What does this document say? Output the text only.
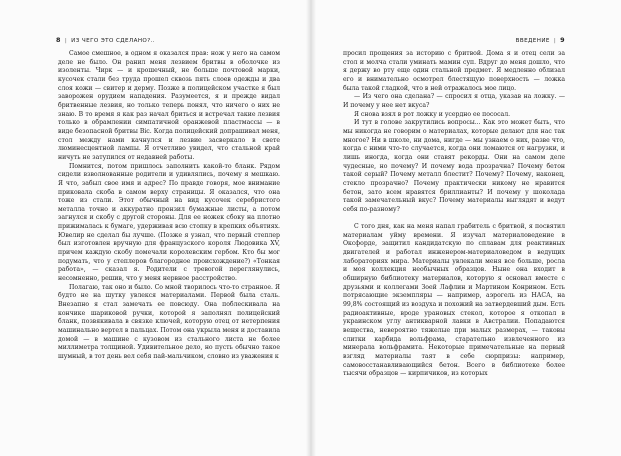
8 | ИЗ ЧЕГО ЭТО СДЕЛАНО?..

Самое смешное, в одном я оказался прав: нож у него на самом деле не было. Он ранил меня лезвием бритвы в оболочке из изоленты. Чирк — и крошечный, не больше почтовой марки, кусочек стали без труда прошел сквозь пять слоев одежды и два слоя кожи — свитер и дерму. Позже в полицейском участке я был заворожен орудием нападения. Разумеется, я и прежде видал бритвенные лезвия, но только теперь понял, что ничего о них не знаю. В то время я как раз начал бриться и встречал такие лезвия только в обрамлении симпатичной оранжевой пластмассы — в виде безопасной бритвы Bic. Когда полицейский допрашивал меня, стол между нами качнулся и лезвие засверкало в свете люминесцентной лампы. Я отчетливо увидел, что стальной край ничуть не затупился от недавней работы.

Помнится, потом пришлось заполнить какой-то бланк. Рядом сидели взволнованные родители и удивлялись, почему я мешкаю. Я что, забыл свое имя и адрес? По правде говоря, мое внимание приковала скоба в самом верху страницы. Я оказался, что она тоже из стали. Этот обычный на вид кусочек серебристого металла точно и аккуратно пронзил бумажные листы, а потом загнулся и скобу с другой стороны. Для ее ножек сбоку на плотно прижималась к бумаге, удерживая всю стопку в крепких объятиях. Ювелир не сделал бы лучше. (Позже я узнал, что первый степлер был изготовлен вручную для французского короля Людовика XV, причем каждую скобу помечали королевским гербом. Кто бы мог подумать, что у степлеров благородное происхождение?) «Тонкая работа», — сказал я. Родители с тревогой переглянулись, несомненно, решив, что у меня нервное расстройство.

Полагаю, так оно и было. Со мной творилось что-то странное. Я будто не на шутку увлекся материалами. Первой была сталь. Внезапно я стал замечать ее повсюду. Она поблескивала на кончике шариковой ручки, которой я заполнял полицейский бланк, позвякивала в связке ключей, которую отец от нетерпения машинально вертел в пальцах. Потом она укрыла меня и доставила домой — в машине с кузовом из стального листа не более миллиметра толщиной. Удивительное дело, но пусть обычно такое шумный, в тот день вел себя пай-мальчиком, словно из уважения к

ВВЕДЕНИЕ | 9

просил прощения за историю с бритвой. Дома я и отец сели за стол и молча стали уминать мамин суп. Вдруг до меня дошло, что я держу во рту еще один стальной предмет. Я медленно облизал его и внимательно осмотрел блестящую поверхность — ложка была такой гладкой, что в ней отражалось мое лицо.

— Из чего она сделана? — спросил я отца, указав на ложку. — И почему у нее нет вкуса?

Я снова взял в рот ложку и усердно ее пососал.

И тут в голове закрутились вопросы... Как это может быть, что мы никогда не говорим о материалах, которые делают для нас так многое? Ни в школе, ни дома, нигде — мы узнаем о них, разве что, когда с ними что-то случается, когда они ломаются от нагрузки, и лишь иногда, когда они ставят рекорды. Они на самом деле чудесные, но почему? И почему вода прозрачна? Почему бетон такой серый? Почему металл блестит? Почему? Почему, наконец, стекло прозрачно? Почему практически никому не нравится бетон, зато всем нравятся бриллианты? И почему у шоколада такой замечательный вкус? Почему материалы выглядят и ведут себя по-разному?

С того дня, как на меня напал грабитель с бритвой, я посвятил материалам уйму времени. Я изучал материаловедение в Оксфорде, защитил кандидатскую по сплавам для реактивных двигателей и работал инженером-материаловедом в ведущих лабораториях мира. Материалы увлекали меня все больше, росла и моя коллекция необычных образцов. Ныне она входит в обширную библиотеку материалов, которую я основал вместе с друзьями и коллегами Зоей Лафлин и Мартином Конрином. Есть потрясающие экземпляры — например, аэрогель из НАСА, на 99,8% состоящий из воздуха и похожий на затвердевший дым. Есть радиоактивные, вроде урановых стекол, которое я откопал в украинском углу антикварной лавки в Австралии. Попадаются вещества, невероятно тяжелые при малых размерах, — таковы слитки карбида вольфрама, старательно извлеченного из минерала вольфрамита. Некоторые примечательные на первый взгляд материалы таят в себе сюрпризы: например, самовосстанавливающийся бетон. Всего в библиотеке более тысячи образцов — кирпичиков, из которых
